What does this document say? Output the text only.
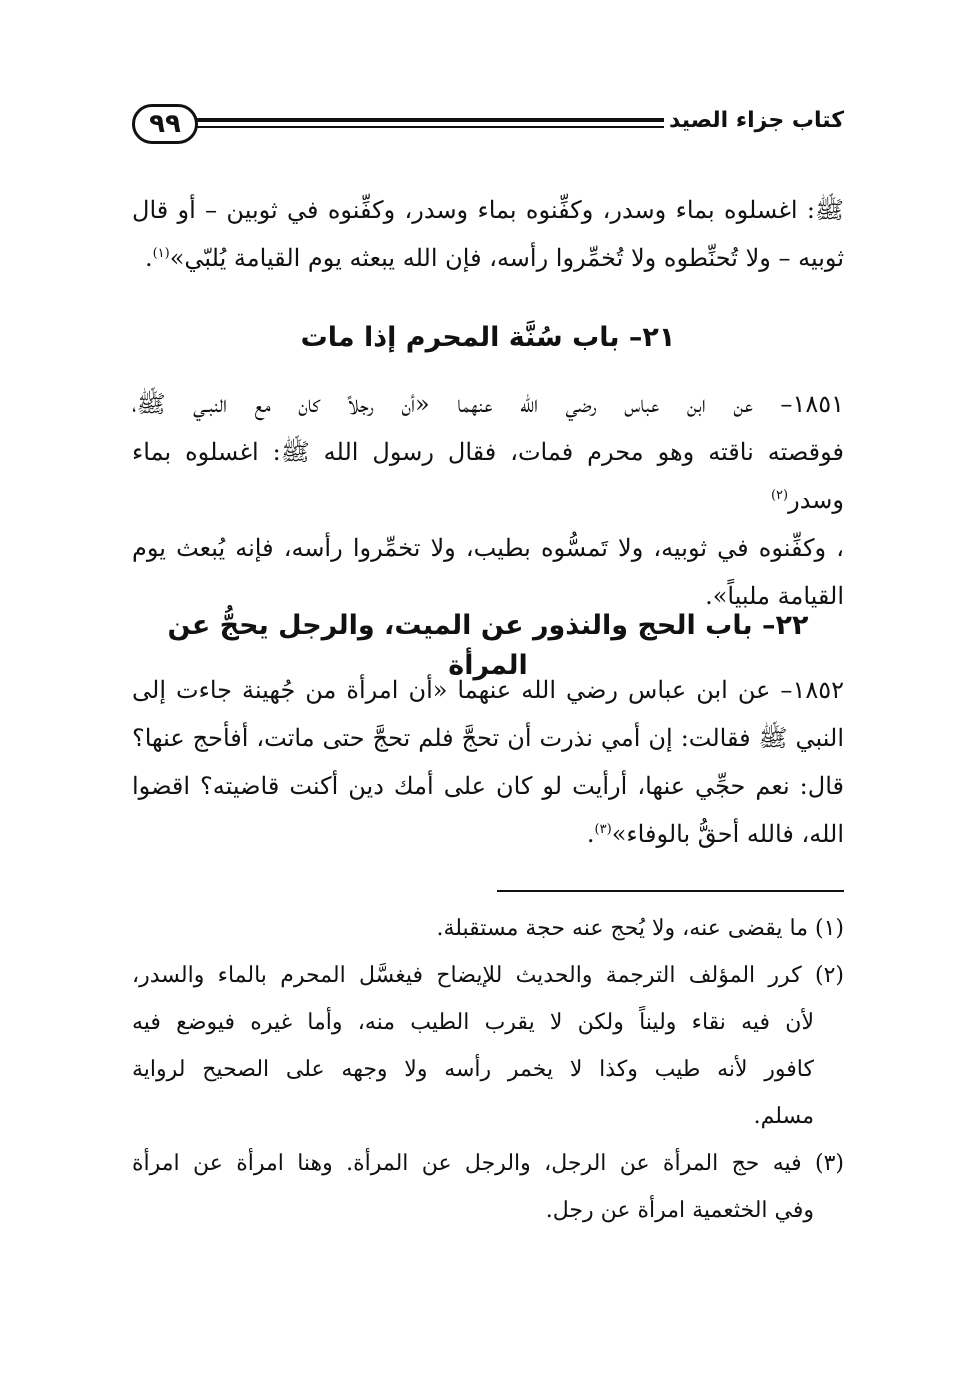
٩٩	كتاب جزاء الصيد
ﷺ: اغسلوه بماء وسدر، وكفِّنوه بماء وسدر، وكفِّنوه في ثوبين – أو قال
ثوبيه – ولا تُحنِّطوه ولا تُخمِّروا رأسه، فإن الله يبعثه يوم القيامة يُلبّي»$^{(١)}$.
٢١– باب سُنَّة المحرم إذا مات
١٨٥١– عن ابن عباس رضي الله عنهما «أن رجلاً كان مع النبـي ﷺ،
فوقصته ناقته وهو محرم فمات، فقال رسول الله ﷺ: اغسلوه بماء وسدر$^{(٢)}$
، وكفِّنوه في ثوبيه، ولا تَمسُّوه بطيب، ولا تخمِّروا رأسه، فإنه يُبعث يوم
القيامة ملبياً».
٢٢– باب الحج والنذور عن الميت، والرجل يحجُّ عن المرأة
١٨٥٢– عن ابن عباس رضي الله عنهما «أن امرأة من جُهينة جاءت إلى
النبي ﷺ فقالت: إن أمي نذرت أن تحجَّ فلم تحجَّ حتى ماتت، أفأحج عنها؟
قال: نعم حجِّي عنها، أرأيت لو كان على أمك دين أكنت قاضيته؟ اقضوا
الله، فالله أحقُّ بالوفاء»$^{(٣)}$.
(١) ما يقضى عنه، ولا يُحج عنه حجة مستقبلة.
(٢) كرر المؤلف الترجمة والحديث للإيضاح فيغسَّل المحرم بالماء والسدر،
لأن فيه نقاء وليناً ولكن لا يقرب الطيب منه، وأما غيره فيوضع فيه
كافور لأنه طيب وكذا لا يخمر رأسه ولا وجهه على الصحيح لرواية
مسلم.
(٣) فيه حج المرأة عن الرجل، والرجل عن المرأة. وهنا امرأة عن امرأة
وفي الخثعمية امرأة عن رجل.
